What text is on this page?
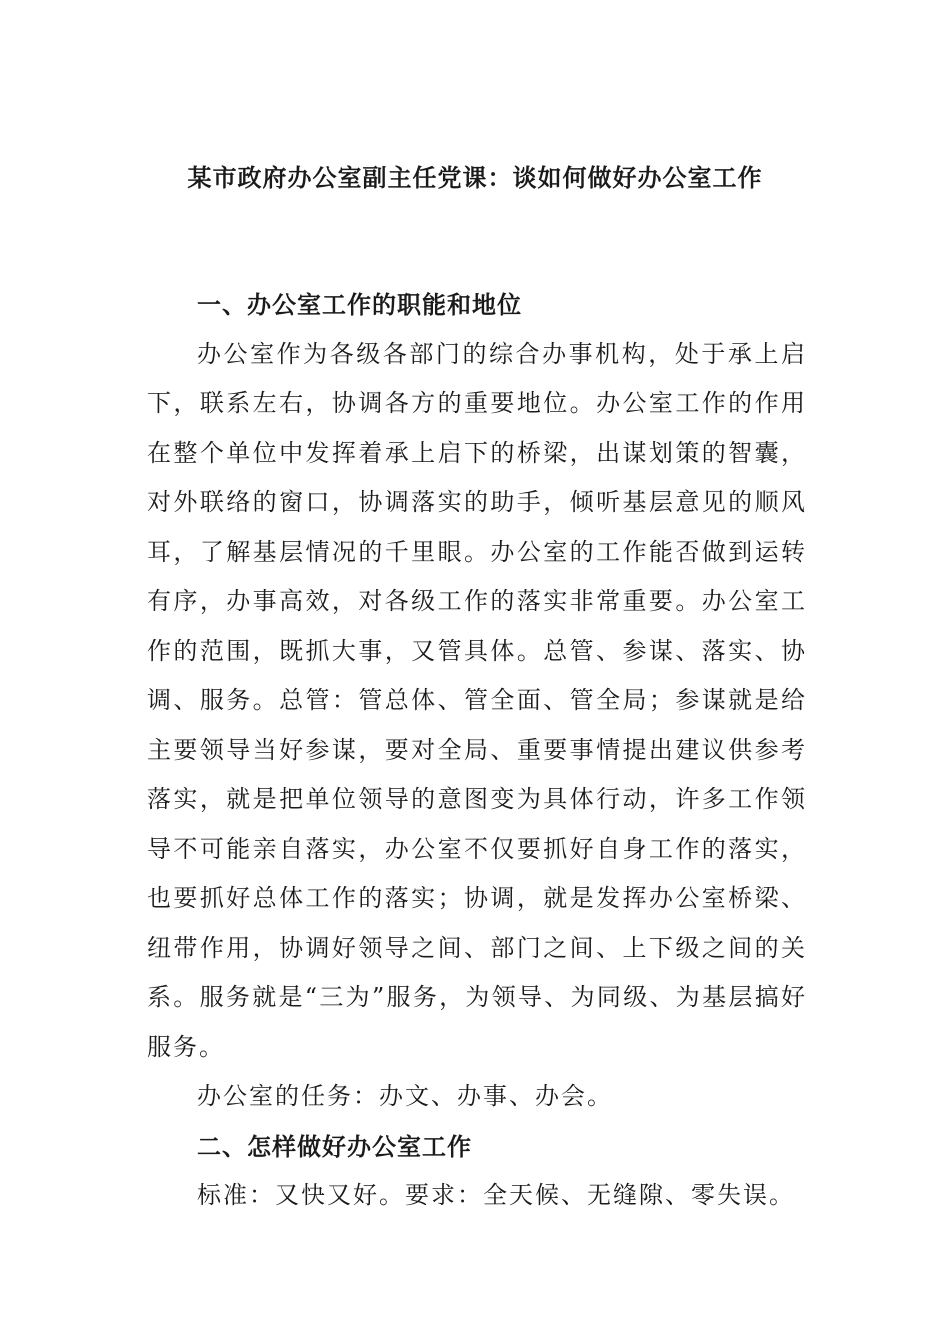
某市政府办公室副主任党课：谈如何做好办公室工作

一、办公室工作的职能和地位

办公室作为各级各部门的综合办事机构，处于承上启下，联系左右，协调各方的重要地位。办公室工作的作用在整个单位中发挥着承上启下的桥梁，出谋划策的智囊，对外联络的窗口，协调落实的助手，倾听基层意见的顺风耳，了解基层情况的千里眼。办公室的工作能否做到运转有序，办事高效，对各级工作的落实非常重要。办公室工作的范围，既抓大事，又管具体。总管、参谋、落实、协调、服务。总管：管总体、管全面、管全局；参谋就是给主要领导当好参谋，要对全局、重要事情提出建议供参考落实，就是把单位领导的意图变为具体行动，许多工作领导不可能亲自落实，办公室不仅要抓好自身工作的落实，也要抓好总体工作的落实；协调，就是发挥办公室桥梁、纽带作用，协调好领导之间、部门之间、上下级之间的关系。服务就是“三为”服务，为领导、为同级、为基层搞好服务。

办公室的任务：办文、办事、办会。

二、怎样做好办公室工作

标准：又快又好。要求：全天候、无缝隙、零失误。
